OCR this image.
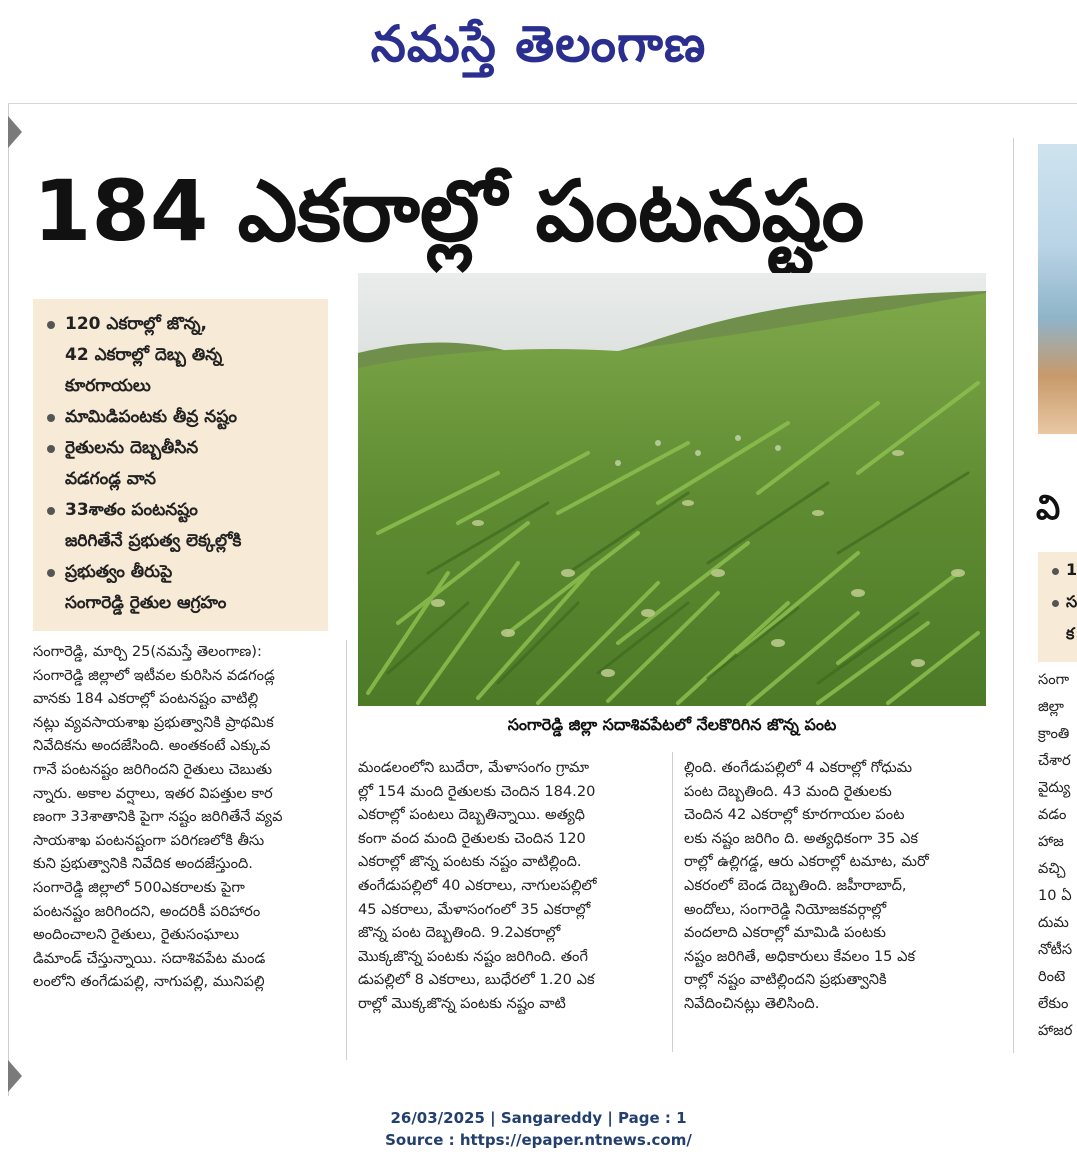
నమస్తే తెలంగాణ
184 ఎకరాల్లో పంటనష్టం
120 ఎకరాల్లో జొన్న,
42 ఎకరాల్లో దెబ్బ తిన్న
కూరగాయలు
మామిడిపంటకు తీవ్ర నష్టం
రైతులను దెబ్బతీసిన
వడగండ్ల వాన
33శాతం పంటనష్టం
జరిగితేనే ప్రభుత్వ లెక్కల్లోకి
ప్రభుత్వం తీరుపై
సంగారెడ్డి రైతుల ఆగ్రహం
సంగారెడ్డి జిల్లా సదాశివపేటలో నేలకొరిగిన జొన్న పంట
సంగారెడ్డి, మార్చి 25(నమస్తే తెలంగాణ):
సంగారెడ్డి జిల్లాలో ఇటీవల కురిసిన వడగండ్ల
వానకు 184 ఎకరాల్లో పంటనష్టం వాటిల్లి
నట్లు వ్యవసాయశాఖ ప్రభుత్వానికి ప్రాథమిక
నివేదికను అందజేసింది. అంతకంటే ఎక్కువ
గానే పంటనష్టం జరిగిందని రైతులు చెబుతు
న్నారు. అకాల వర్షాలు, ఇతర విపత్తుల కార
ణంగా 33శాతానికి పైగా నష్టం జరిగితేనే వ్యవ
సాయశాఖ పంటనష్టంగా పరిగణలోకి తీసు
కుని ప్రభుత్వానికి నివేదిక అందజేస్తుంది.
సంగారెడ్డి జిల్లాలో 500ఎకరాలకు పైగా
పంటనష్టం జరిగిందని, అందరికీ పరిహారం
అందించాలని రైతులు, రైతుసంఘాలు
డిమాండ్ చేస్తున్నాయి. సదాశివపేట మండ
లంలోని తంగేడుపల్లి, నాగుపల్లి, మునిపల్లి
మండలంలోని బుదేరా, మేళాసంగం గ్రామా
ల్లో 154 మంది రైతులకు చెందిన 184.20
ఎకరాల్లో పంటలు దెబ్బతిన్నాయి. అత్యధి
కంగా వంద మంది రైతులకు చెందిన 120
ఎకరాల్లో జొన్న పంటకు నష్టం వాటిల్లింది.
తంగేడుపల్లిలో 40 ఎకరాలు, నాగులపల్లిలో
45 ఎకరాలు, మేళాసంగంలో 35 ఎకరాల్లో
జొన్న పంట దెబ్బతింది. 9.2ఎకరాల్లో
మొక్కజొన్న పంటకు నష్టం జరిగింది. తంగే
డుపల్లిలో 8 ఎకరాలు, బుధేరలో 1.20 ఎక
రాల్లో మొక్కజొన్న పంటకు నష్టం వాటి
ల్లింది. తంగేడుపల్లిలో 4 ఎకరాల్లో గోధుమ
పంట దెబ్బతింది. 43 మంది రైతులకు
చెందిన 42 ఎకరాల్లో కూరగాయల పంట
లకు నష్టం జరిగిం ది. అత్యధికంగా 35 ఎక
రాల్లో ఉల్లిగడ్డ, ఆరు ఎకరాల్లో టమాట, మరో
ఎకరంలో బెండ దెబ్బతింది. జహీరాబాద్,
అందోలు, సంగారెడ్డి నియోజకవర్గాల్లో
వందలాది ఎకరాల్లో మామిడి పంటకు
నష్టం జరిగితే, అధికారులు కేవలం 15 ఎక
రాల్లో నష్టం వాటిల్లిందని ప్రభుత్వానికి
నివేదించినట్లు తెలిసింది.
వి
1
స
క
సంగా
జిల్లా
క్రాంతి
చేశార
వైద్యు
వడం
హాజ
వచ్చి
10 ఏ
దుమ
నోటీస
రింటె
లేకుం
హాజర
26/03/2025 | Sangareddy | Page : 1
Source : https://epaper.ntnews.com/
